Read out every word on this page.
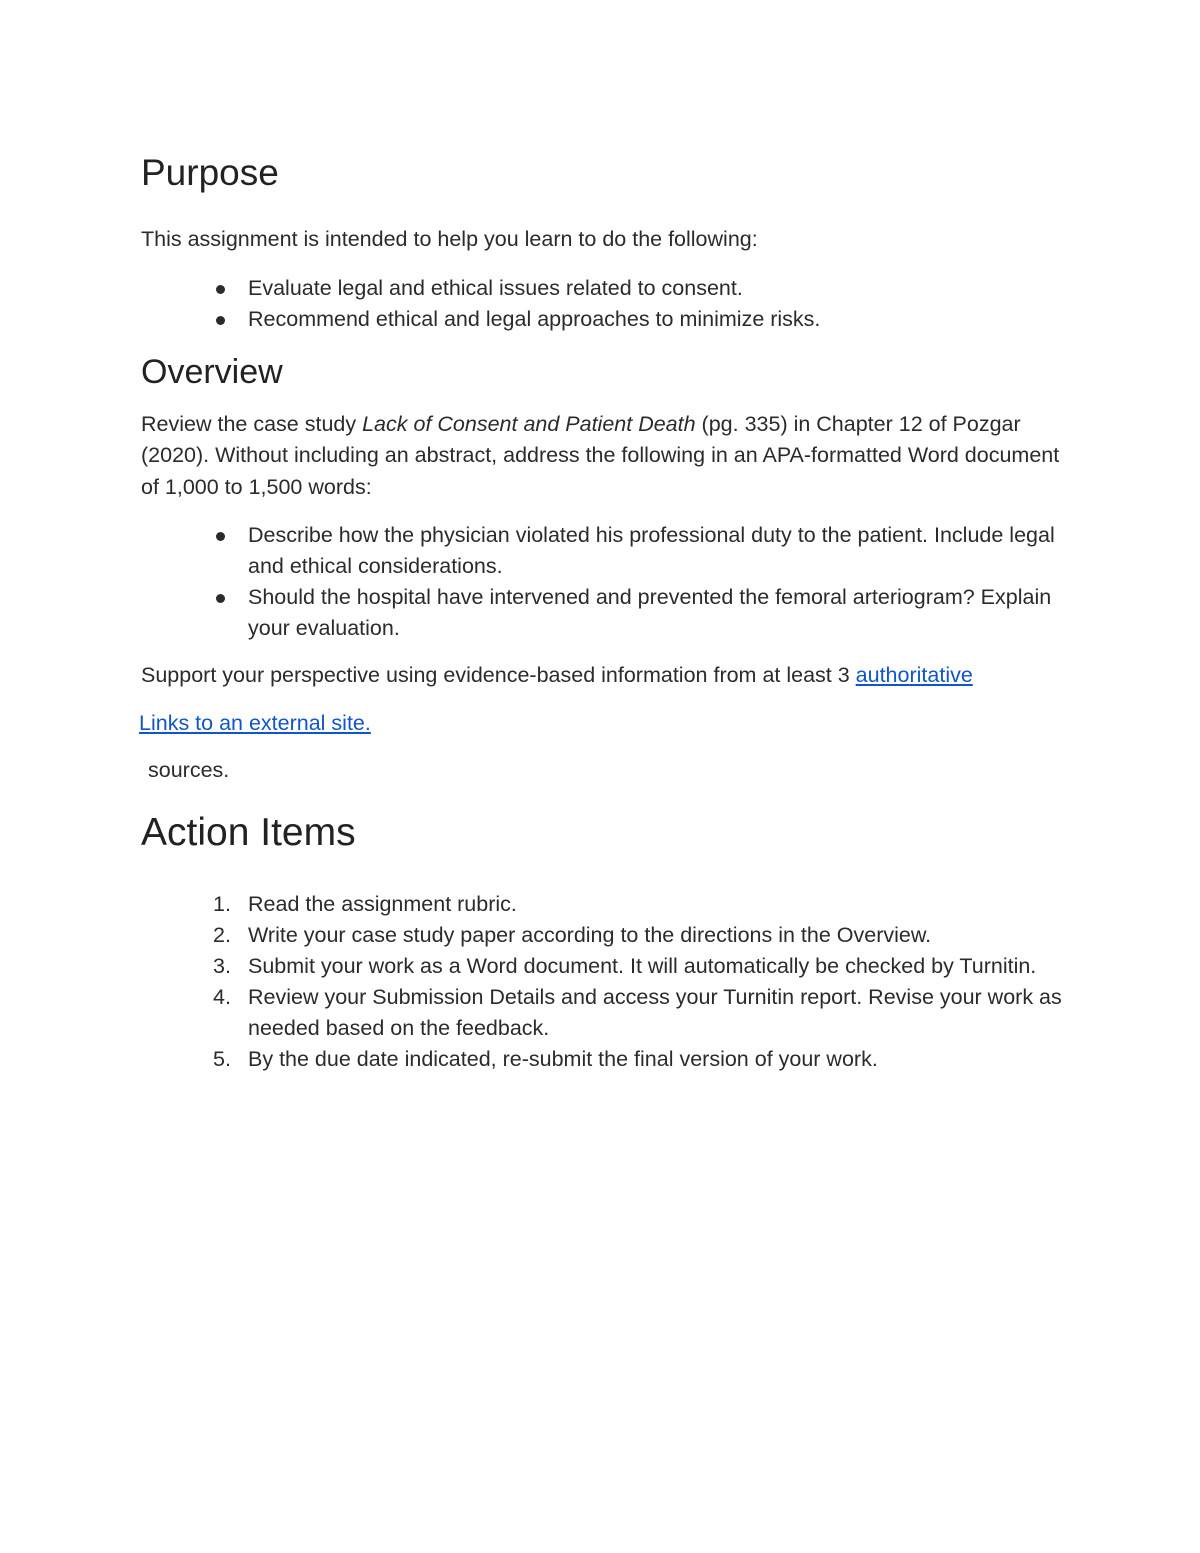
Purpose

This assignment is intended to help you learn to do the following:

Evaluate legal and ethical issues related to consent.
Recommend ethical and legal approaches to minimize risks.
Overview

Review the case study Lack of Consent and Patient Death (pg. 335) in Chapter 12 of Pozgar (2020). Without including an abstract, address the following in an APA-formatted Word document of 1,000 to 1,500 words:

Describe how the physician violated his professional duty to the patient. Include legal and ethical considerations.
Should the hospital have intervened and prevented the femoral arteriogram? Explain your evaluation.

Support your perspective using evidence-based information from at least 3 authoritative

Links to an external site.

sources.

Action Items
1. Read the assignment rubric.
2. Write your case study paper according to the directions in the Overview.
3. Submit your work as a Word document. It will automatically be checked by Turnitin.
4. Review your Submission Details and access your Turnitin report. Revise your work as needed based on the feedback.
5. By the due date indicated, re-submit the final version of your work.
